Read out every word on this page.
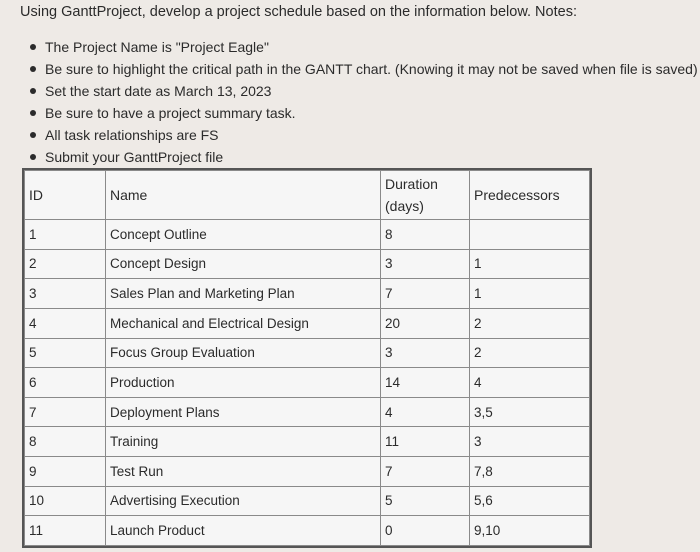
Using GanttProject, develop a project schedule based on the information below. Notes:
The Project Name is "Project Eagle"
Be sure to highlight the critical path in the GANTT chart. (Knowing it may not be saved when file is saved)
Set the start date as March 13, 2023
Be sure to have a project summary task.
All task relationships are FS
Submit your GanttProject file
ID	Name	Duration (days)	Predecessors
1	Concept Outline	8	
2	Concept Design	3	1
3	Sales Plan and Marketing Plan	7	1
4	Mechanical and Electrical Design	20	2
5	Focus Group Evaluation	3	2
6	Production	14	4
7	Deployment Plans	4	3,5
8	Training	11	3
9	Test Run	7	7,8
10	Advertising Execution	5	5,6
11	Launch Product	0	9,10
